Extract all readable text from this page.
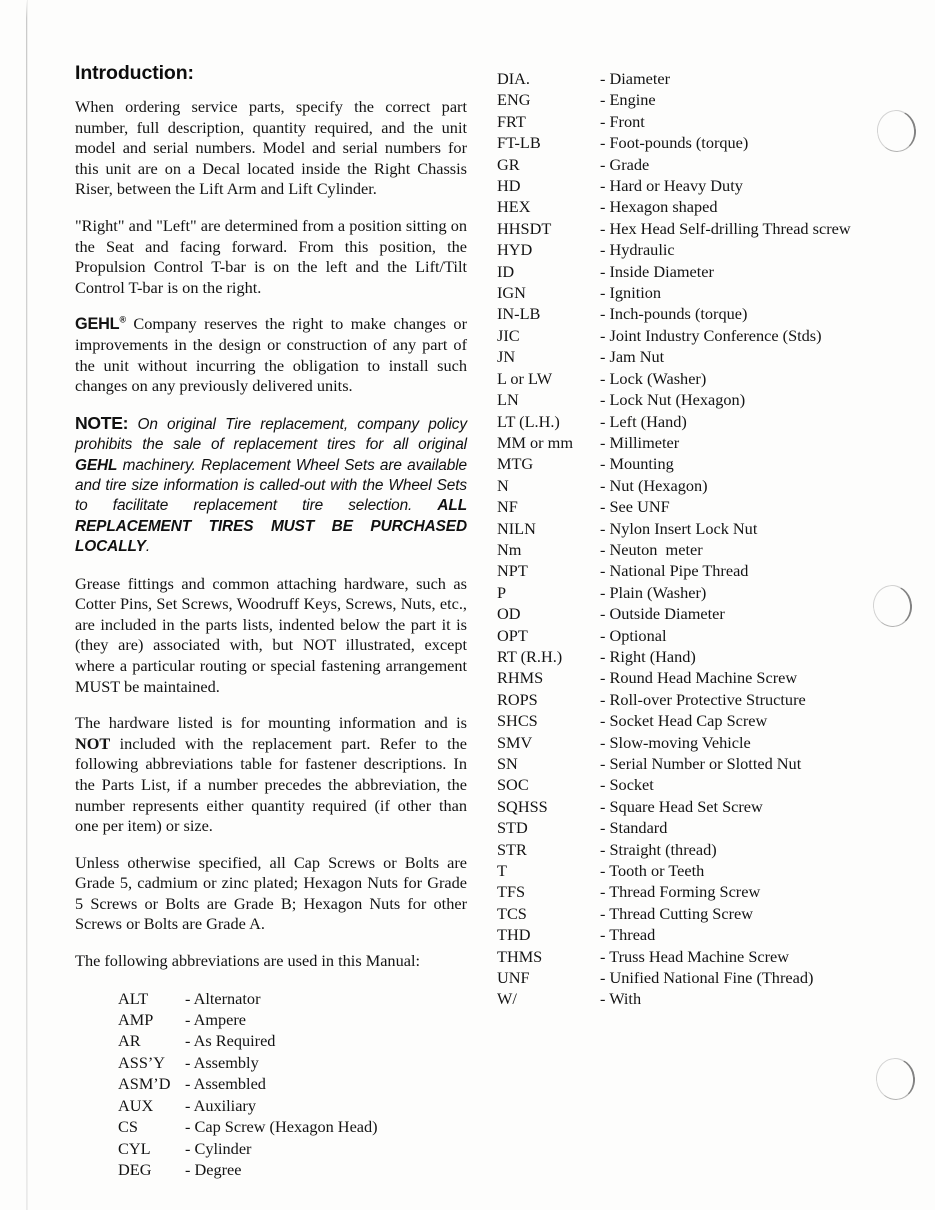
Introduction:

When ordering service parts, specify the correct part number, full description, quantity required, and the unit model and serial numbers. Model and serial numbers for this unit are on a Decal located inside the Right Chassis Riser, between the Lift Arm and Lift Cylinder.

"Right" and "Left" are determined from a position sitting on the Seat and facing forward. From this position, the Propulsion Control T-bar is on the left and the Lift/Tilt Control T-bar is on the right.

GEHL® Company reserves the right to make changes or improvements in the design or construction of any part of the unit without incurring the obligation to install such changes on any previously delivered units.

NOTE: On original Tire replacement, company policy prohibits the sale of replacement tires for all original GEHL machinery. Replacement Wheel Sets are available and tire size information is called-out with the Wheel Sets to facilitate replacement tire selection. ALL REPLACEMENT TIRES MUST BE PURCHASED LOCALLY.

Grease fittings and common attaching hardware, such as Cotter Pins, Set Screws, Woodruff Keys, Screws, Nuts, etc., are included in the parts lists, indented below the part it is (they are) associated with, but NOT illustrated, except where a particular routing or special fastening arrangement MUST be maintained.

The hardware listed is for mounting information and is NOT included with the replacement part. Refer to the following abbreviations table for fastener descriptions. In the Parts List, if a number precedes the abbreviation, the number represents either quantity required (if other than one per item) or size.

Unless otherwise specified, all Cap Screws or Bolts are Grade 5, cadmium or zinc plated; Hexagon Nuts for Grade 5 Screws or Bolts are Grade B; Hexagon Nuts for other Screws or Bolts are Grade A.

The following abbreviations are used in this Manual:

ALT	- Alternator
AMP	- Ampere
AR	- As Required
ASS’Y	- Assembly
ASM’D - Assembled
AUX	- Auxiliary
CS	- Cap Screw (Hexagon Head)
CYL	- Cylinder
DEG	- Degree
DIA.	- Diameter
ENG	- Engine
FRT	- Front
FT-LB	- Foot-pounds (torque)
GR	- Grade
HD	- Hard or Heavy Duty
HEX	- Hexagon shaped
HHSDT	- Hex Head Self-drilling Thread screw
HYD	- Hydraulic
ID	- Inside Diameter
IGN	- Ignition
IN-LB	- Inch-pounds (torque)
JIC	- Joint Industry Conference (Stds)
JN	- Jam Nut
L or LW	- Lock (Washer)
LN	- Lock Nut (Hexagon)
LT (L.H.)	- Left (Hand)
MM or mm	- Millimeter
MTG	- Mounting
N	- Nut (Hexagon)
NF	- See UNF
NILN	- Nylon Insert Lock Nut
Nm	- Neuton  meter
NPT	- National Pipe Thread
P	- Plain (Washer)
OD	- Outside Diameter
OPT	- Optional
RT (R.H.)	- Right (Hand)
RHMS	- Round Head Machine Screw
ROPS	- Roll-over Protective Structure
SHCS	- Socket Head Cap Screw
SMV	- Slow-moving Vehicle
SN	- Serial Number or Slotted Nut
SOC	- Socket
SQHSS	- Square Head Set Screw
STD	- Standard
STR	- Straight (thread)
T	- Tooth or Teeth
TFS	- Thread Forming Screw
TCS	- Thread Cutting Screw
THD	- Thread
THMS	- Truss Head Machine Screw
UNF	- Unified National Fine (Thread)
W/	- With
